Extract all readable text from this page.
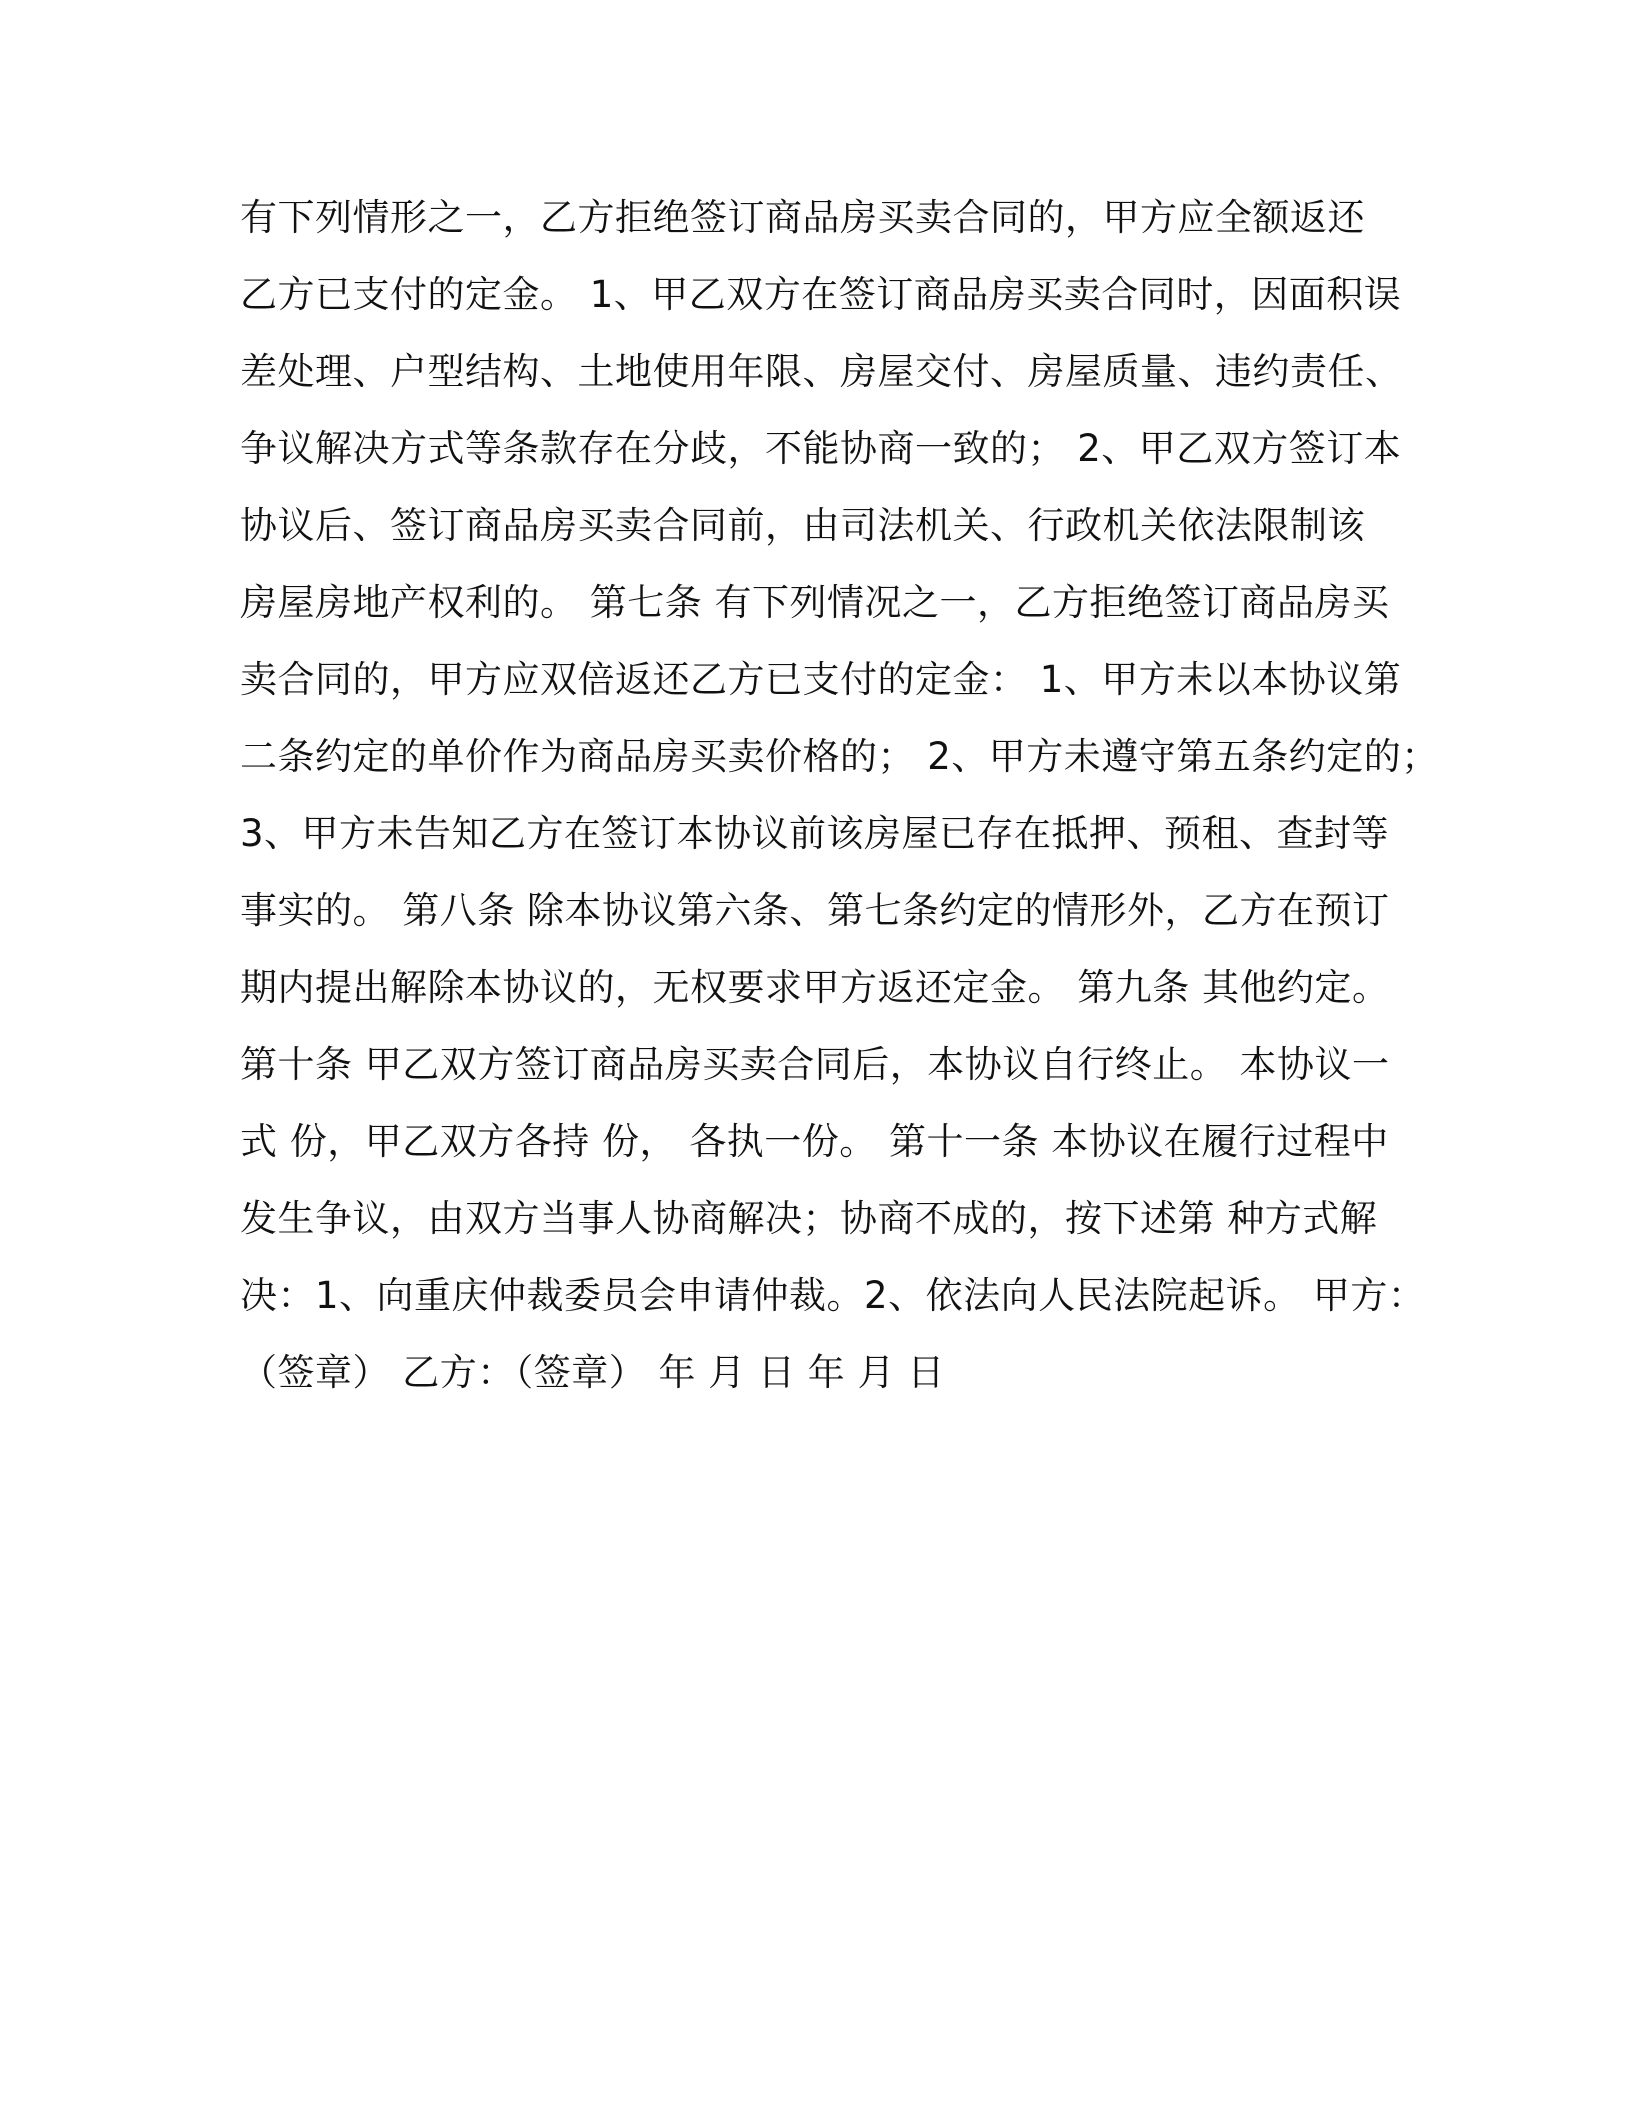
有下列情形之一，乙方拒绝签订商品房买卖合同的，甲方应全额返还
乙方已支付的定金。 1、甲乙双方在签订商品房买卖合同时，因面积误
差处理、户型结构、土地使用年限、房屋交付、房屋质量、违约责任、
争议解决方式等条款存在分歧，不能协商一致的； 2、甲乙双方签订本
协议后、签订商品房买卖合同前，由司法机关、行政机关依法限制该
房屋房地产权利的。 第七条 有下列情况之一，乙方拒绝签订商品房买
卖合同的，甲方应双倍返还乙方已支付的定金： 1、甲方未以本协议第
二条约定的单价作为商品房买卖价格的； 2、甲方未遵守第五条约定的；
3、甲方未告知乙方在签订本协议前该房屋已存在抵押、预租、查封等
事实的。 第八条 除本协议第六条、第七条约定的情形外，乙方在预订
期内提出解除本协议的，无权要求甲方返还定金。 第九条 其他约定。
第十条 甲乙双方签订商品房买卖合同后，本协议自行终止。 本协议一
式 份，甲乙双方各持 份， 各执一份。 第十一条 本协议在履行过程中
发生争议，由双方当事人协商解决；协商不成的，按下述第 种方式解
决：1、向重庆仲裁委员会申请仲裁。2、依法向人民法院起诉。 甲方：
（签章） 乙方：（签章） 年 月 日 年 月 日
